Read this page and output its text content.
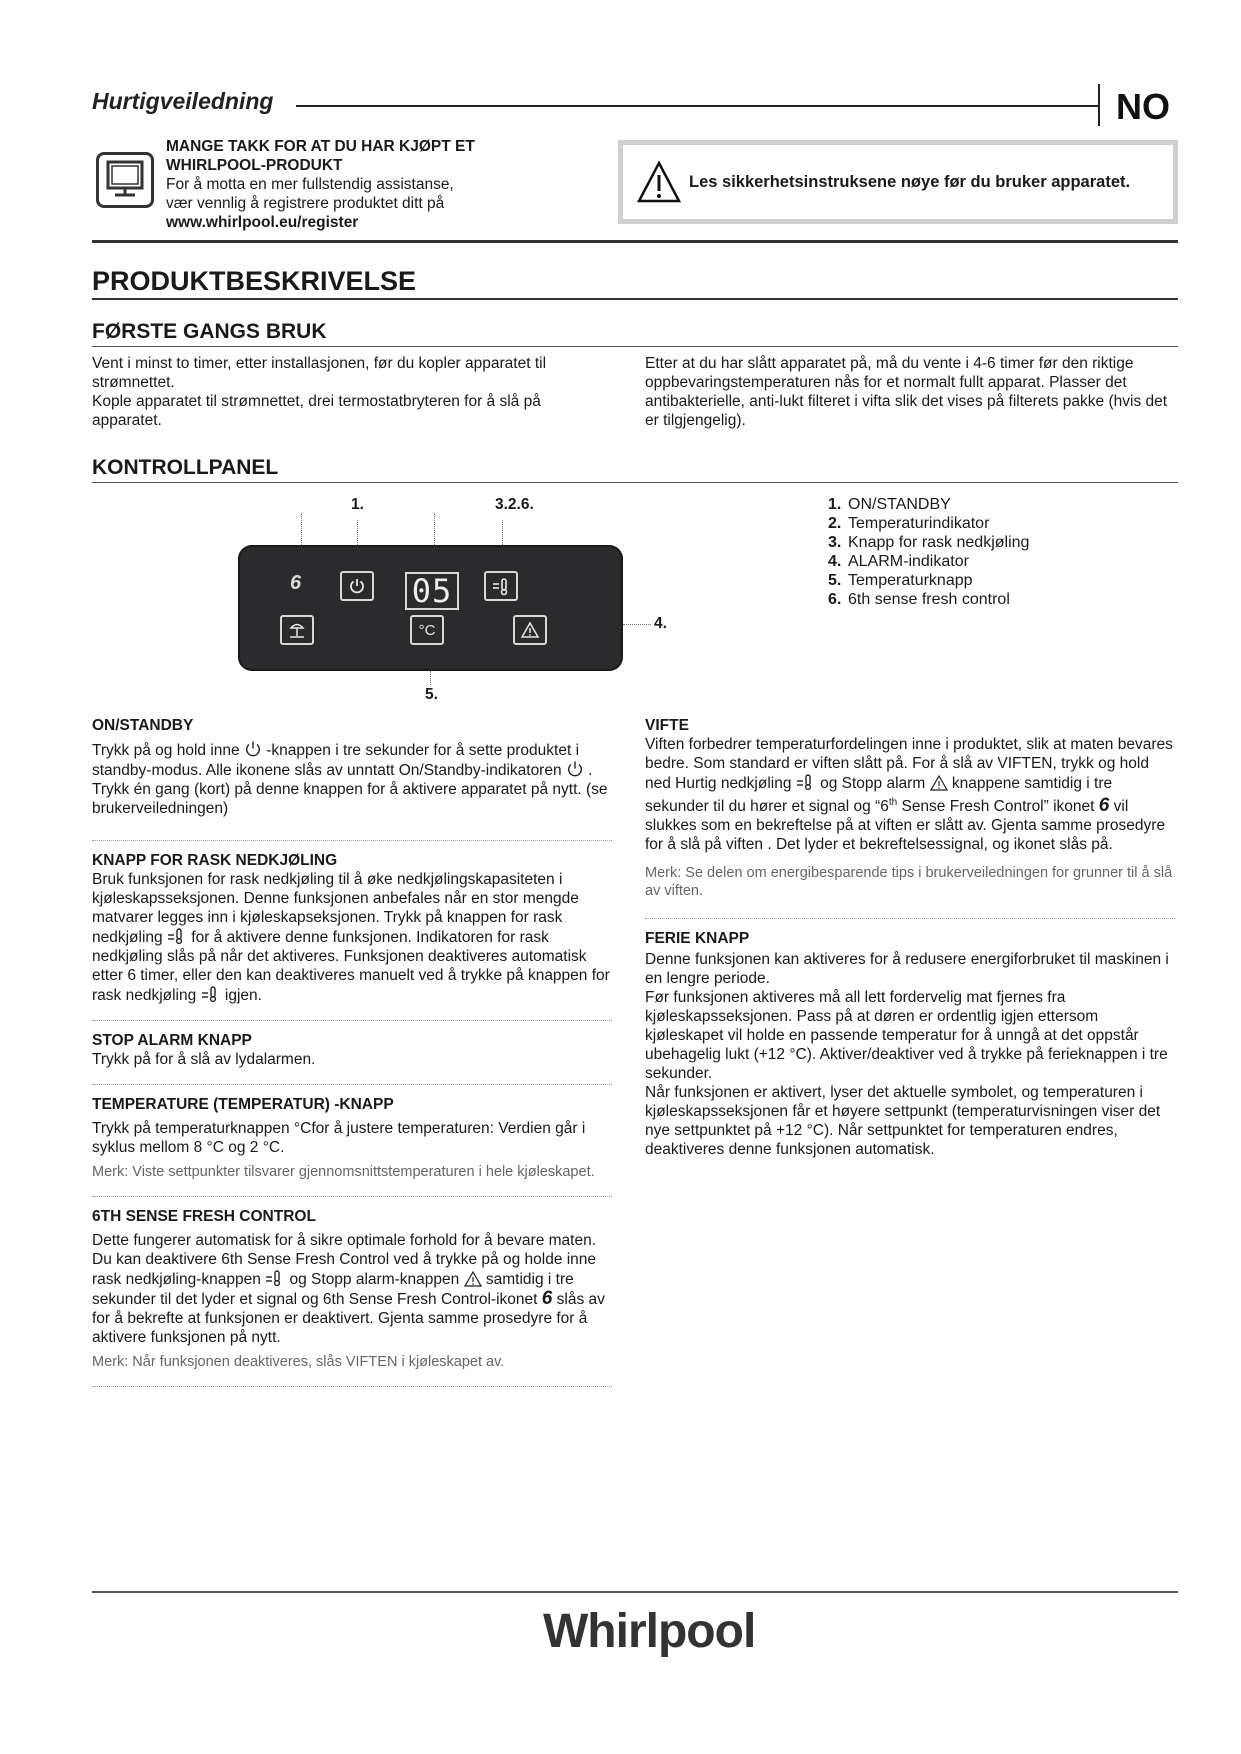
Hurtigveiledning	NO
MANGE TAKK FOR AT DU HAR KJØPT ET
WHIRLPOOL-PRODUKT
For å motta en mer fullstendig assistanse,
vær vennlig å registrere produktet ditt på
www.whirlpool.eu/register
Les sikkerhetsinstruksene nøye før du bruker apparatet.
PRODUKTBESKRIVELSE
FØRSTE GANGS BRUK

Vent i minst to timer, etter installasjonen, før du kopler apparatet til strømnettet.

Kople apparatet til strømnettet, drei termostatbryteren for å slå på apparatet.

Etter at du har slått apparatet på, må du vente i 4-6 timer før den riktige oppbevaringstemperaturen nås for et normalt fullt apparat. Plasser det antibakterielle, anti-lukt filteret i vifta slik det vises på filterets pakke (hvis det er tilgjengelig).

KONTROLLPANEL
1.	3.2.6.
6	05
°C	4.
5.
1. ON/STANDBY
2. Temperaturindikator
3. Knapp for rask nedkjøling
4. ALARM-indikator
5. Temperaturknapp
6. 6th sense fresh control
ON/STANDBY
Trykk på og hold inne -knappen i tre sekunder for å sette produktet i standby-modus. Alle ikonene slås av unntatt On/Standby-indikatoren . Trykk én gang (kort) på denne knappen for å aktivere apparatet på nytt. (se brukerveiledningen)
KNAPP FOR RASK NEDKJØLING
Bruk funksjonen for rask nedkjøling til å øke nedkjølingskapasiteten i kjøleskapsseksjonen. Denne funksjonen anbefales når en stor mengde matvarer legges inn i kjøleskapseksjonen. Trykk på knappen for rask nedkjøling for å aktivere denne funksjonen. Indikatoren for rask nedkjøling slås på når det aktiveres. Funksjonen deaktiveres automatisk etter 6 timer, eller den kan deaktiveres manuelt ved å trykke på knappen for rask nedkjøling igjen.
STOP ALARM KNAPP
Trykk på for å slå av lydalarmen.
TEMPERATURE (TEMPERATUR) -KNAPP
Trykk på temperaturknappen °Cfor å justere temperaturen: Verdien går i syklus mellom 8 °C og 2 °C.
Merk: Viste settpunkter tilsvarer gjennomsnittstemperaturen i hele kjøleskapet.
6TH SENSE FRESH CONTROL
Dette fungerer automatisk for å sikre optimale forhold for å bevare maten. Du kan deaktivere 6th Sense Fresh Control ved å trykke på og holde inne rask nedkjøling-knappen og Stopp alarm-knappen samtidig i tre sekunder til det lyder et signal og 6th Sense Fresh Control-ikonet 6 slås av for å bekrefte at funksjonen er deaktivert. Gjenta samme prosedyre for å aktivere funksjonen på nytt.
Merk: Når funksjonen deaktiveres, slås VIFTEN i kjøleskapet av.
VIFTE
Viften forbedrer temperaturfordelingen inne i produktet, slik at maten bevares bedre. Som standard er viften slått på. For å slå av VIFTEN, trykk og hold ned Hurtig nedkjøling og Stopp alarm knappene samtidig i tre sekunder til du hører et signal og “6th Sense Fresh Control” ikonet 6 vil slukkes som en bekreftelse på at viften er slått av. Gjenta samme prosedyre for å slå på viften . Det lyder et bekreftelsessignal, og ikonet slås på.
Merk: Se delen om energibesparende tips i brukerveiledningen for grunner til å slå av viften.
FERIE KNAPP

Denne funksjonen kan aktiveres for å redusere energiforbruket til maskinen i en lengre periode.

Før funksjonen aktiveres må all lett fordervelig mat fjernes fra kjøleskapsseksjonen. Pass på at døren er ordentlig igjen ettersom kjøleskapet vil holde en passende temperatur for å unngå at det oppstår ubehagelig lukt (+12 °C). Aktiver/deaktiver ved å trykke på ferieknappen i tre sekunder.

Når funksjonen er aktivert, lyser det aktuelle symbolet, og temperaturen i kjøleskapsseksjonen får et høyere settpunkt (temperaturvisningen viser det nye settpunktet på +12 °C). Når settpunktet for temperaturen endres, deaktiveres denne funksjonen automatisk.

Whirlpool
